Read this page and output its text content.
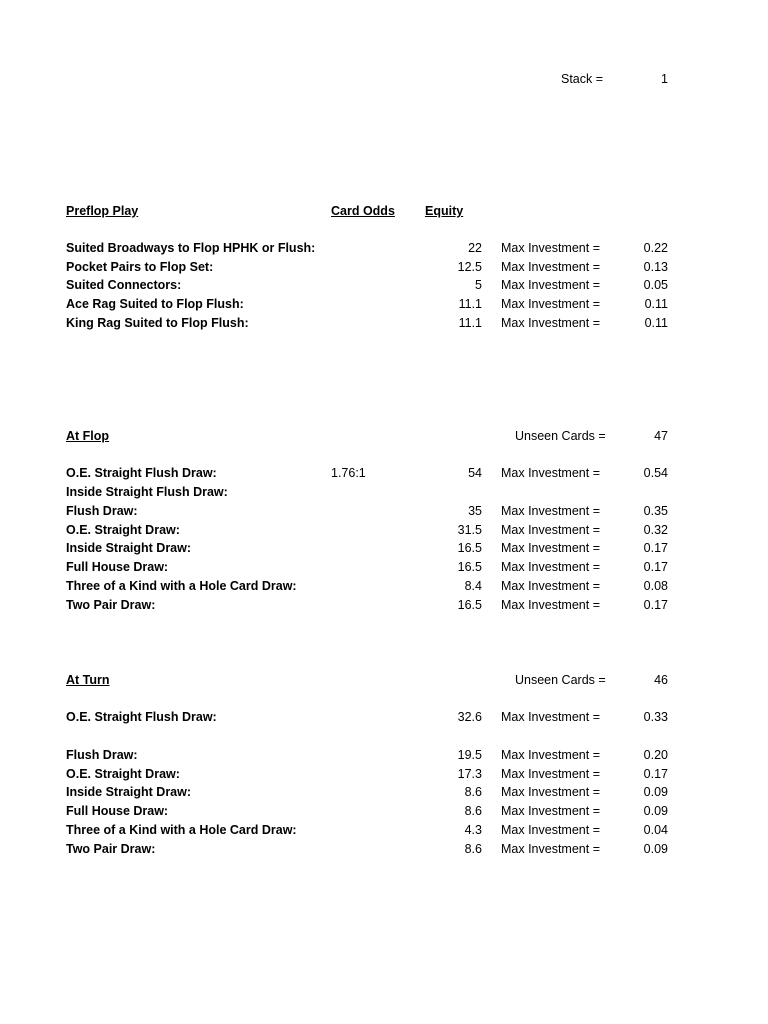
Stack =	1
Preflop Play	Card Odds Equity
Suited Broadways to Flop HPHK or Flush:	22 Max Investment =	0.22
Pocket Pairs to Flop Set:	12.5 Max Investment =	0.13
Suited Connectors:	5 Max Investment =	0.05
Ace Rag Suited to Flop Flush:	11.1 Max Investment =	0.11
King Rag Suited to Flop Flush:	11.1 Max Investment =	0.11
At Flop	Unseen Cards =	47
O.E. Straight Flush Draw:	1.76:1	54 Max Investment =	0.54
Inside Straight Flush Draw:
Flush Draw:	35 Max Investment =	0.35
O.E. Straight Draw:	31.5 Max Investment =	0.32
Inside Straight Draw:	16.5 Max Investment =	0.17
Full House Draw:	16.5 Max Investment =	0.17
Three of a Kind with a Hole Card Draw:	8.4 Max Investment =	0.08
Two Pair Draw:	16.5 Max Investment =	0.17
At Turn	Unseen Cards =	46
O.E. Straight Flush Draw:	32.6 Max Investment =	0.33
Flush Draw:	19.5 Max Investment =	0.20
O.E. Straight Draw:	17.3 Max Investment =	0.17
Inside Straight Draw:	8.6 Max Investment =	0.09
Full House Draw:	8.6 Max Investment =	0.09
Three of a Kind with a Hole Card Draw:	4.3 Max Investment =	0.04
Two Pair Draw:	8.6 Max Investment =	0.09
